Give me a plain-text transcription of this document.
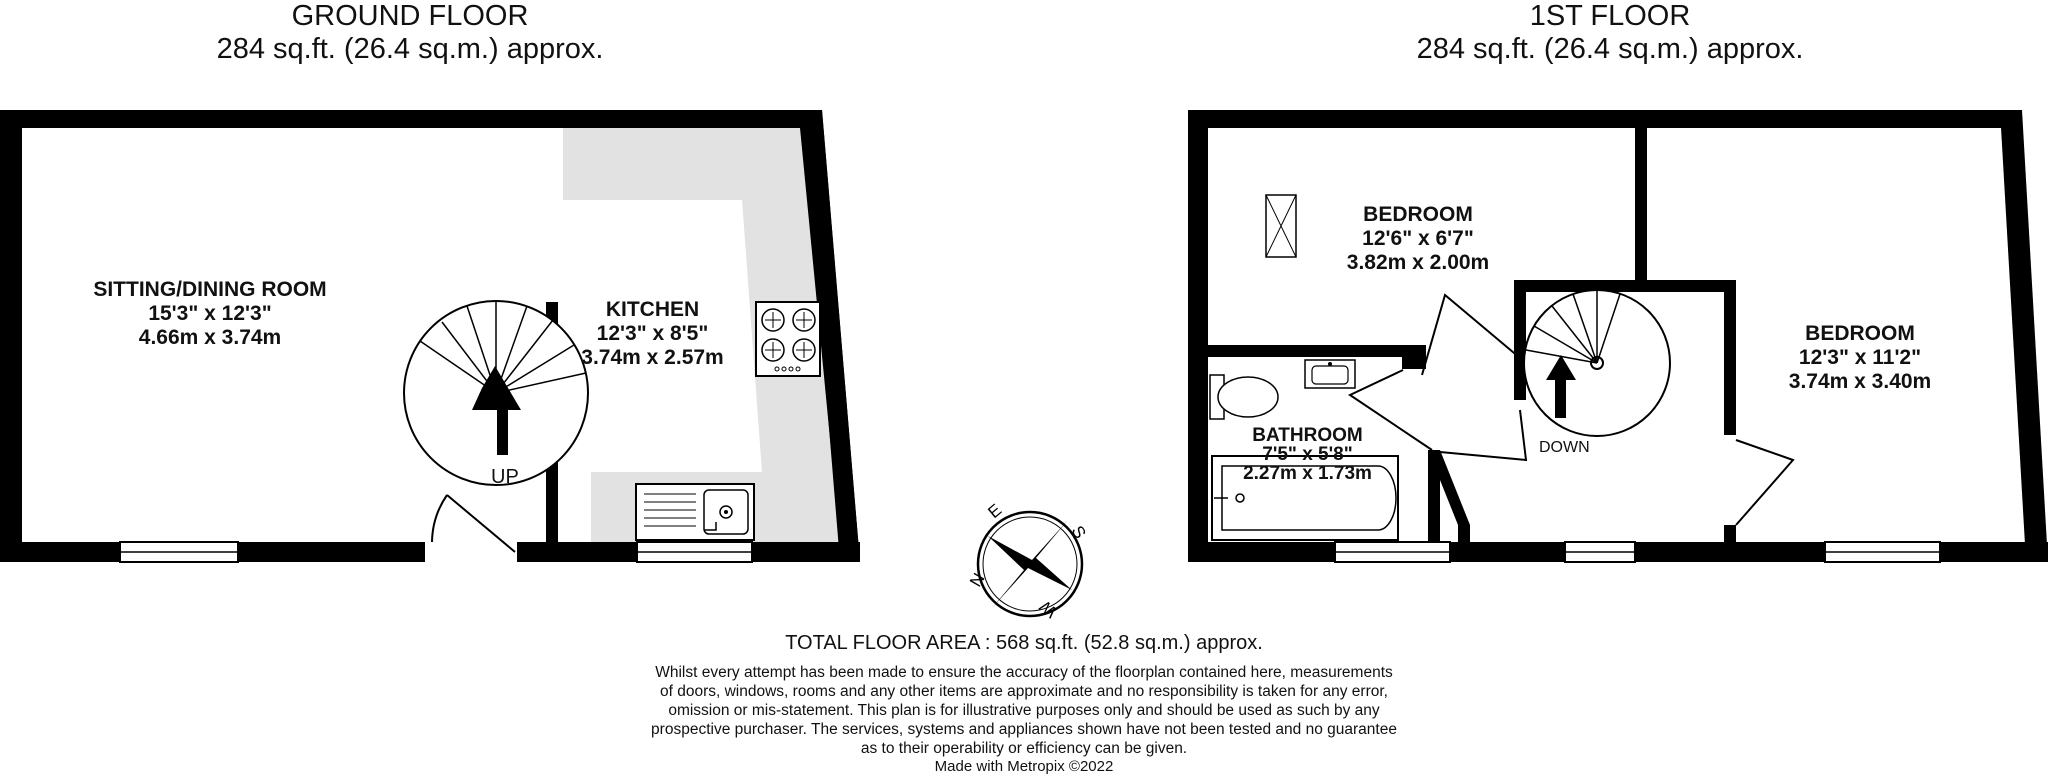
GROUND FLOOR
284 sq.ft. (26.4 sq.m.) approx.
1ST FLOOR
284 sq.ft. (26.4 sq.m.) approx.
N
E
S
W
SITTING/DINING ROOM
15'3" x 12'3"
4.66m x 3.74m
KITCHEN
12'3" x 8'5"
3.74m x 2.57m
UP
BEDROOM
12'6" x 6'7"
3.82m x 2.00m
BEDROOM
12'3" x 11'2"
3.74m x 3.40m
BATHROOM
7'5" x 5'8"
2.27m x 1.73m
DOWN
TOTAL FLOOR AREA : 568 sq.ft. (52.8 sq.m.) approx.
Whilst every attempt has been made to ensure the accuracy of the floorplan contained here, measurements
of doors, windows, rooms and any other items are approximate and no responsibility is taken for any error,
omission or mis-statement. This plan is for illustrative purposes only and should be used as such by any
prospective purchaser. The services, systems and appliances shown have not been tested and no guarantee
as to their operability or efficiency can be given.
Made with Metropix ©2022
